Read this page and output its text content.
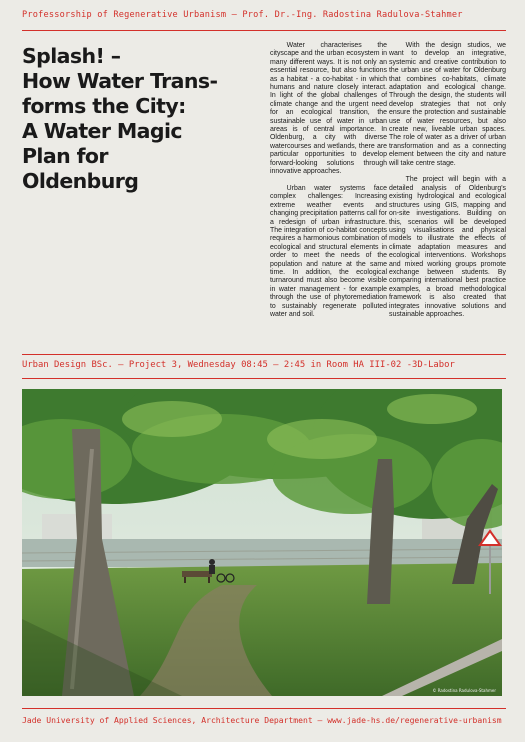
Professorship of Regenerative Urbanism — Prof. Dr.-Ing. Radostina Radulova-Stahmer
Splash! –
How Water Trans-
forms the City:
A Water Magic
Plan for
Oldenburg

Water characterises the cityscape and the urban ecosystem in many different ways. It is not only an essential resource, but also functions as a habitat - a co-habitat - in which humans and nature closely interact. In light of the global challenges of climate change and the urgent need for an ecological transition, the sustainable use of water in urban areas is of central importance. In Oldenburg, a city with diverse watercourses and wetlands, there are particular opportunities to develop forward-looking solutions through innovative approaches.

Urban water systems face complex challenges: Increasing extreme weather events and changing precipitation patterns call for a redesign of urban infrastructure. The integration of co-habitat concepts requires a harmonious combination of ecological and structural elements in order to meet the needs of the population and nature at the same time. In addition, the ecological turnaround must also become visible in water management - for example through the use of phytoremediation to sustainably regenerate polluted water and soil.

With the design studios, we want to develop an integrative, systemic and creative contribution to the urban use of water for Oldenburg that combines co-habitats, climate adaptation and ecological change. Through the design, the students will develop strategies that not only ensure the protection and sustainable use of water resources, but also create new, liveable urban spaces. The role of water as a driver of urban transformation and as a connecting element between the city and nature will take centre stage.

The project will begin with a detailed analysis of Oldenburg's existing hydrological and ecological structures using GIS, mapping and on-site investigations. Building on this, scenarios will be developed using visualisations and physical models to illustrate the effects of climate adaptation measures and ecological interventions. Workshops and mixed working groups promote exchange between students. By comparing international best practice examples, a broad methodological framework is also created that integrates innovative solutions and sustainable approaches.

Urban Design BSc. — Project 3, Wednesday 08:45 — 2:45 in Room HA III-02 -3D-Labor
© Radostina Radulova-Stahmer
Jade University of Applied Sciences, Architecture Department — www.jade-hs.de/regenerative-urbanism
